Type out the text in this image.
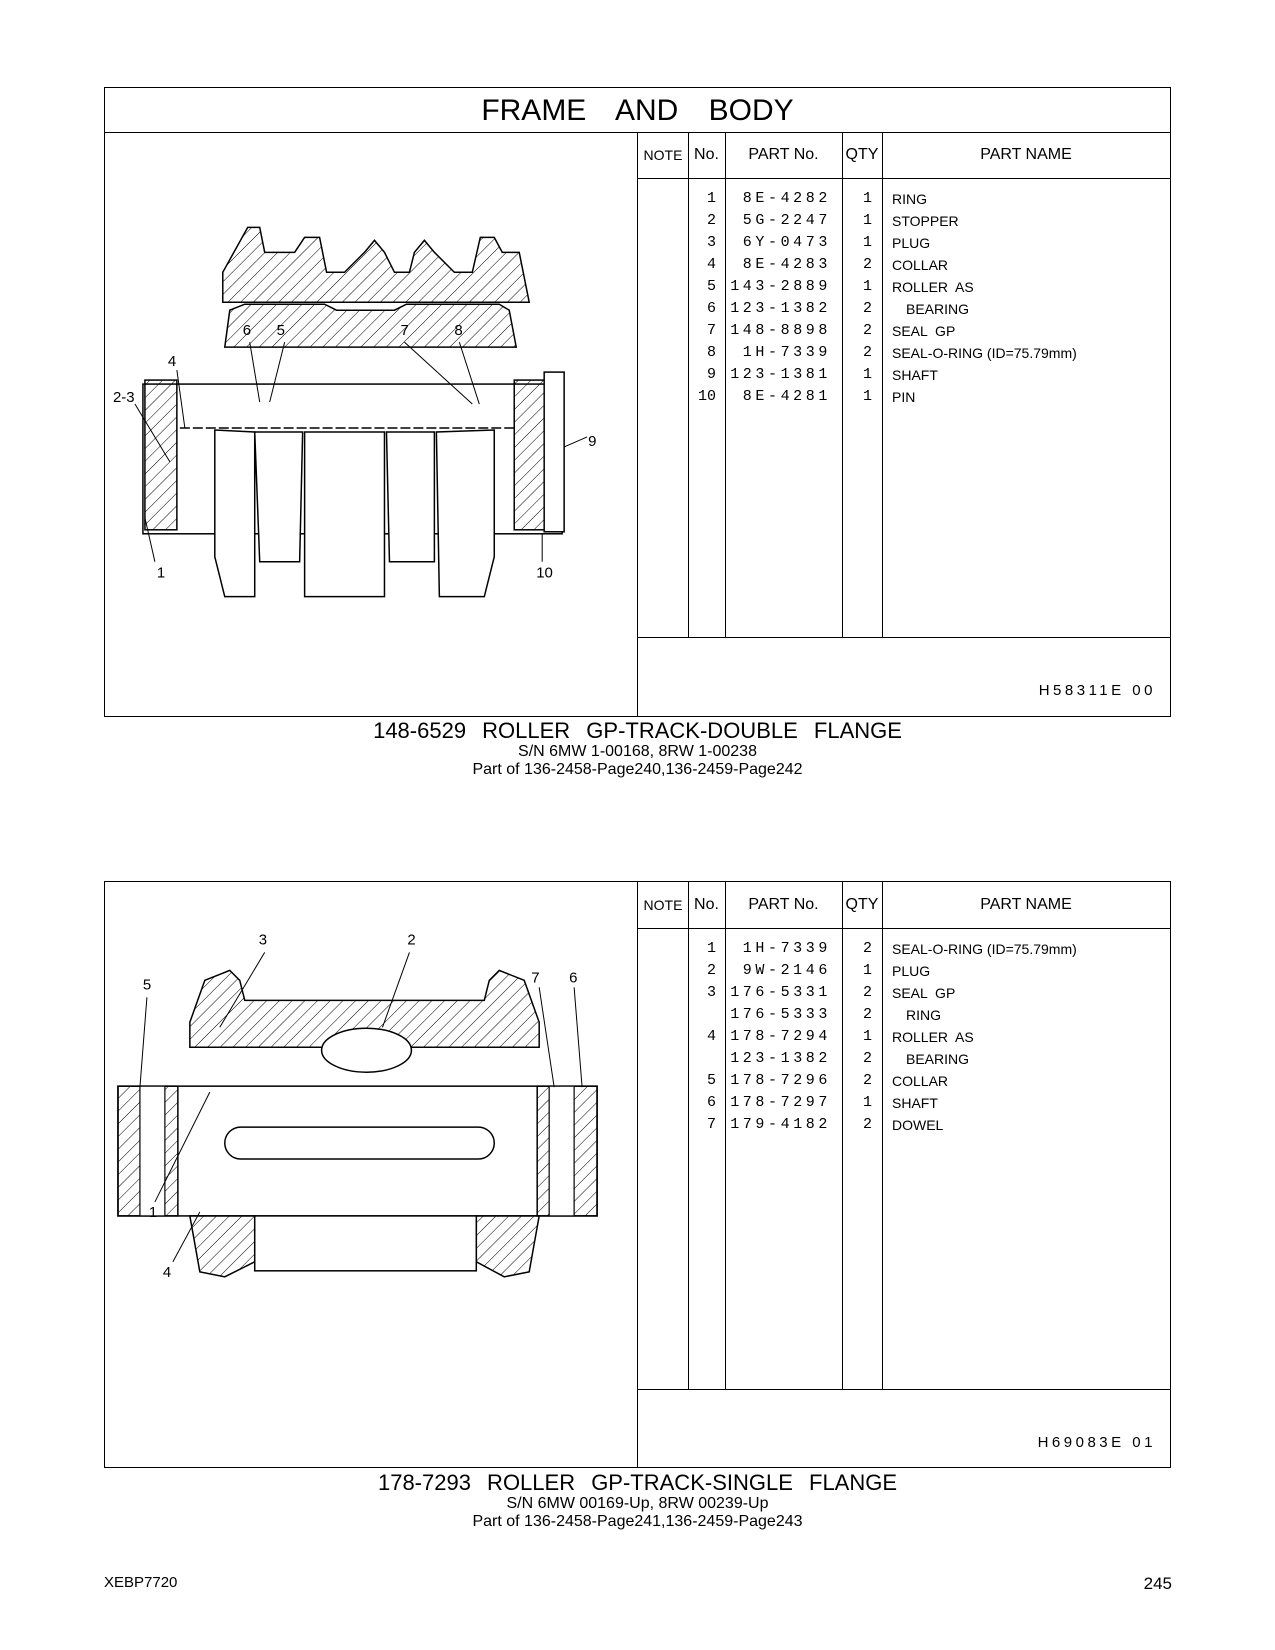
FRAME AND BODY
6 5	7	8
4
2-3
9
1	10
NOTE No.	PART No.	QTY	PART NAME
1	8E-4282	1 RING
2	5G-2247	1 STOPPER
3	6Y-0473	1 PLUG
4	8E-4283	2 COLLAR
5 143-2889	1 ROLLER  AS
6 123-1382	2	BEARING
7 148-8898	2 SEAL  GP
8	1H-7339	2 SEAL-O-RING (ID=75.79mm)
9 123-1381	1 SHAFT
10	8E-4281	1 PIN
H58311E 00
148-6529 ROLLER GP-TRACK-DOUBLE FLANGE
S/N 6MW 1-00168, 8RW 1-00238
Part of 136-2458-Page240,136-2459-Page242
3	2
5	7 6
1
4
NOTE No.	PART No.	QTY	PART NAME
1	1H-7339	2 SEAL-O-RING (ID=75.79mm)
2	9W-2146	1 PLUG
3 176-5331	2 SEAL  GP
176-5333	2	RING
4 178-7294	1 ROLLER  AS
123-1382	2	BEARING
5 178-7296	2 COLLAR
6 178-7297	1 SHAFT
7 179-4182	2 DOWEL
H69083E 01
178-7293 ROLLER GP-TRACK-SINGLE FLANGE
S/N 6MW 00169-Up, 8RW 00239-Up
Part of 136-2458-Page241,136-2459-Page243
XEBP7720	245
